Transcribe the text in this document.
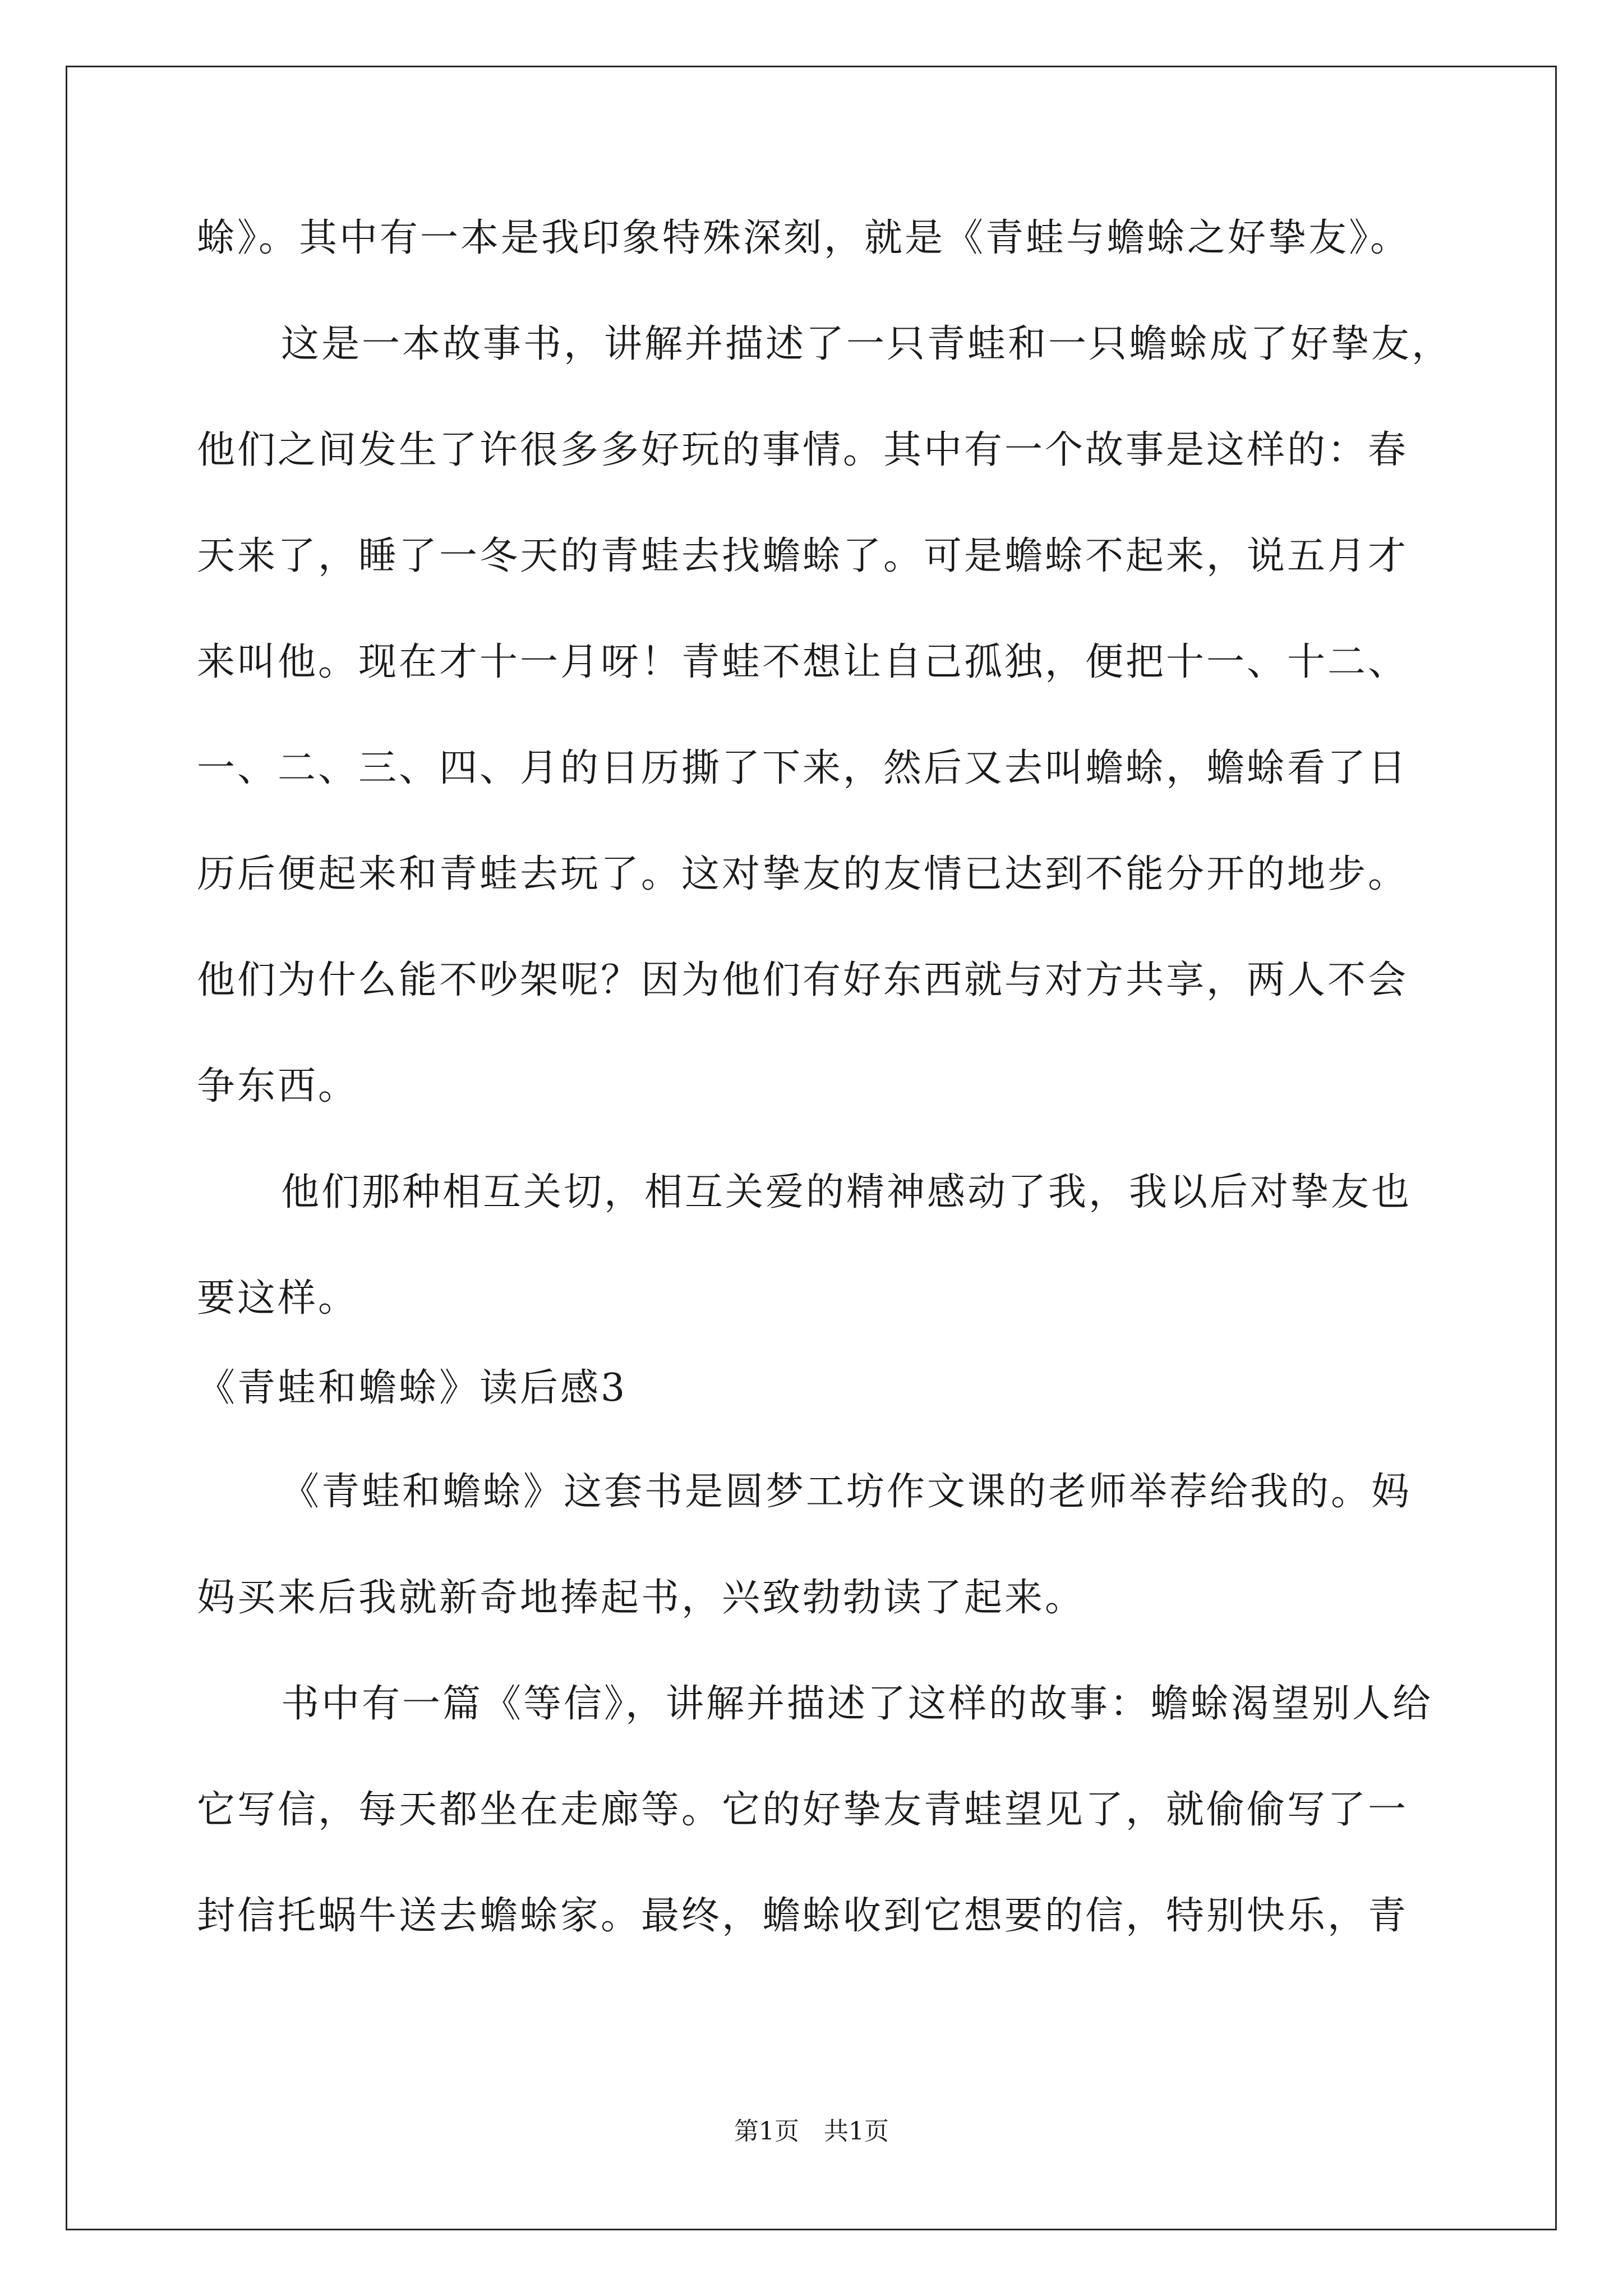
蜍》。其中有一本是我印象特殊深刻，就是《青蛙与蟾蜍之好挚友》。
这是一本故事书，讲解并描述了一只青蛙和一只蟾蜍成了好挚友，
他们之间发生了许很多多好玩的事情。其中有一个故事是这样的：春
天来了，睡了一冬天的青蛙去找蟾蜍了。可是蟾蜍不起来，说五月才
来叫他。现在才十一月呀！青蛙不想让自己孤独，便把十一、十二、
一、二、三、四、月的日历撕了下来，然后又去叫蟾蜍，蟾蜍看了日
历后便起来和青蛙去玩了。这对挚友的友情已达到不能分开的地步。
他们为什么能不吵架呢？因为他们有好东西就与对方共享，两人不会
争东西。
他们那种相互关切，相互关爱的精神感动了我，我以后对挚友也
要这样。
《青蛙和蟾蜍》读后感3
《青蛙和蟾蜍》这套书是圆梦工坊作文课的老师举荐给我的。妈
妈买来后我就新奇地捧起书，兴致勃勃读了起来。
书中有一篇《等信》，讲解并描述了这样的故事：蟾蜍渴望别人给
它写信，每天都坐在走廊等。它的好挚友青蛙望见了，就偷偷写了一
封信托蜗牛送去蟾蜍家。最终，蟾蜍收到它想要的信，特别快乐，青
第1页　共1页
